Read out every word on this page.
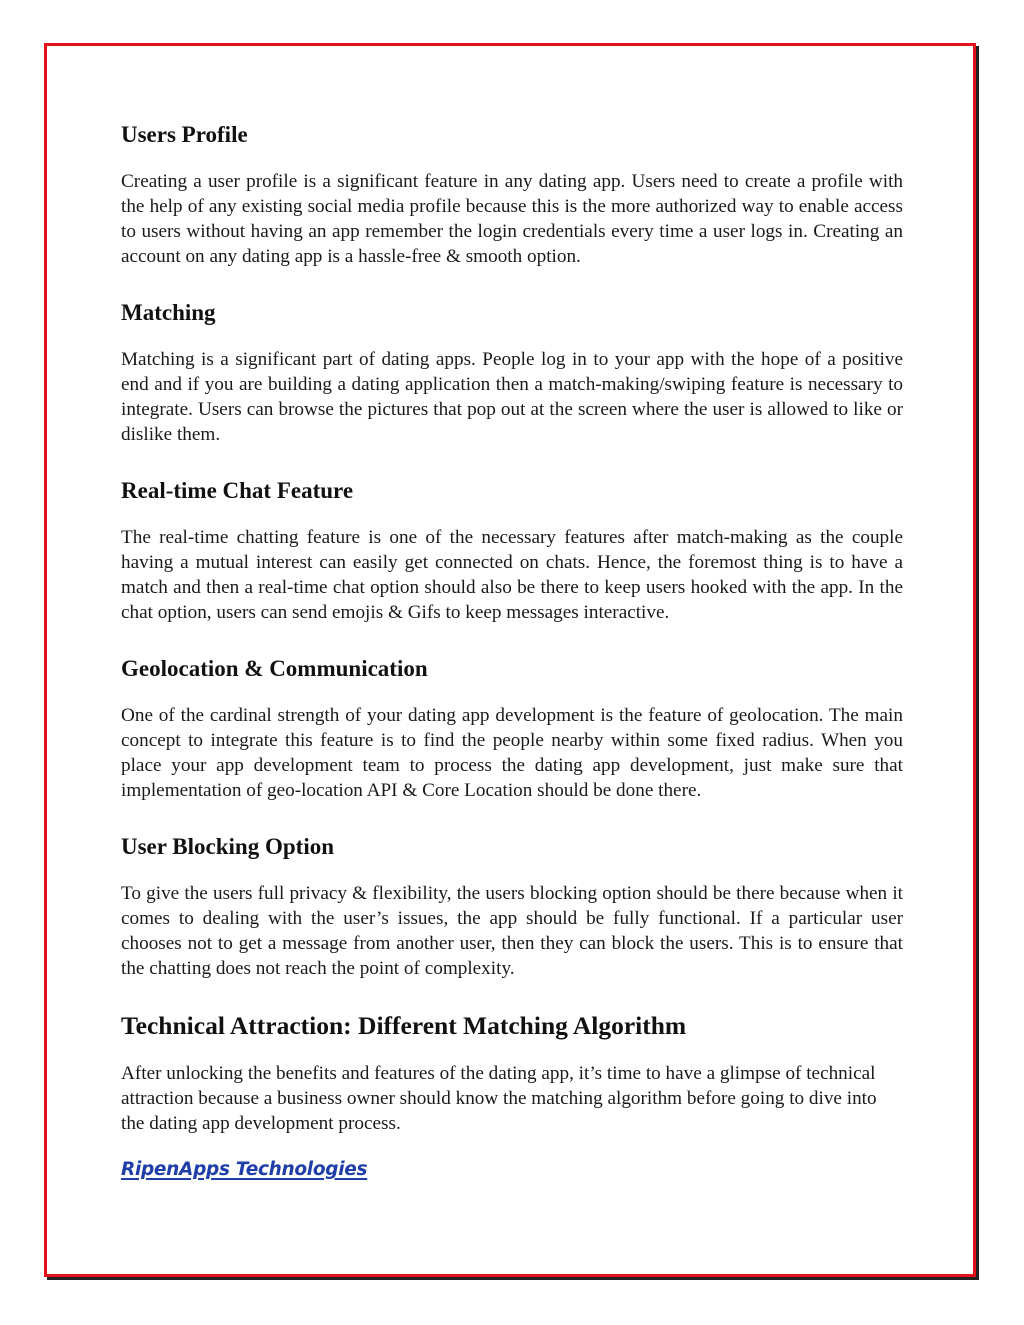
Users Profile

Creating a user profile is a significant feature in any dating app. Users need to create a profile with the help of any existing social media profile because this is the more authorized way to enable access to users without having an app remember the login credentials every time a user logs in. Creating an account on any dating app is a hassle-free & smooth option.

Matching

Matching is a significant part of dating apps. People log in to your app with the hope of a positive end and if you are building a dating application then a match-making/swiping feature is necessary to integrate. Users can browse the pictures that pop out at the screen where the user is allowed to like or dislike them.

Real-time Chat Feature

The real-time chatting feature is one of the necessary features after match-making as the couple having a mutual interest can easily get connected on chats. Hence, the foremost thing is to have a match and then a real-time chat option should also be there to keep users hooked with the app. In the chat option, users can send emojis & Gifs to keep messages interactive.

Geolocation & Communication

One of the cardinal strength of your dating app development is the feature of geolocation. The main concept to integrate this feature is to find the people nearby within some fixed radius. When you place your app development team to process the dating app development, just make sure that implementation of geo-location API & Core Location should be done there.

User Blocking Option

To give the users full privacy & flexibility, the users blocking option should be there because when it comes to dealing with the user’s issues, the app should be fully functional. If a particular user chooses not to get a message from another user, then they can block the users. This is to ensure that the chatting does not reach the point of complexity.

Technical Attraction: Different Matching Algorithm

After unlocking the benefits and features of the dating app, it’s time to have a glimpse of technical attraction because a business owner should know the matching algorithm before going to dive into the dating app development process.

RipenApps Technologies
